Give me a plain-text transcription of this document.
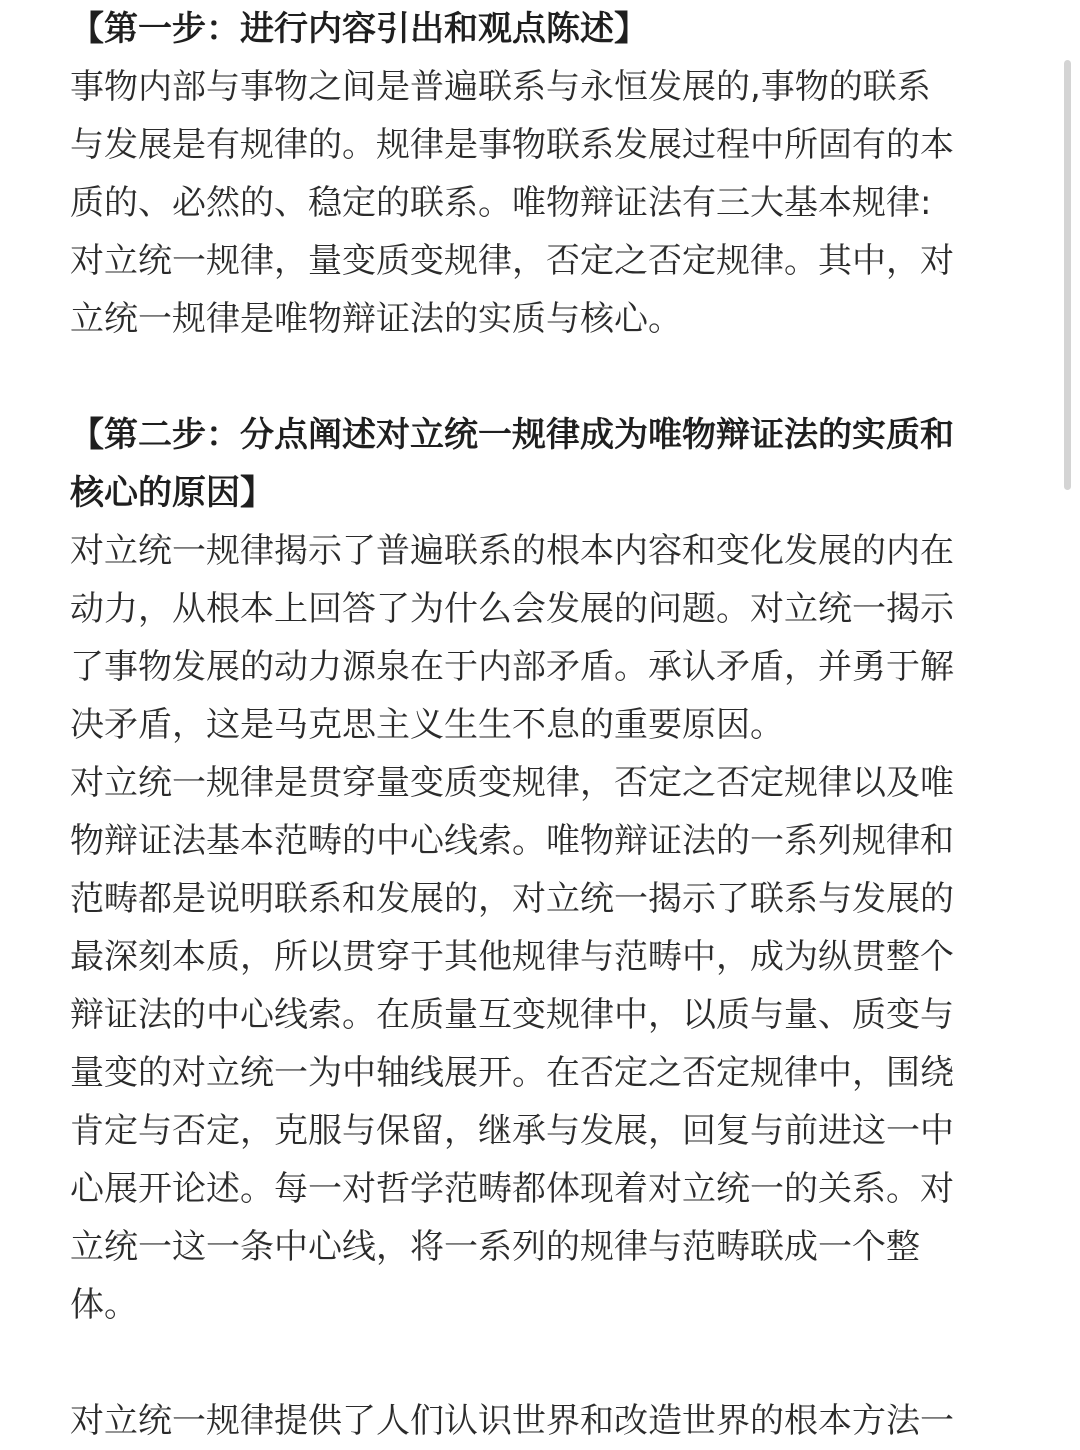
【第一步：进行内容引出和观点陈述】
事物内部与事物之间是普遍联系与永恒发展的,事物的联系
与发展是有规律的。规律是事物联系发展过程中所固有的本
质的、必然的、稳定的联系。唯物辩证法有三大基本规律:
对立统一规律，量变质变规律，否定之否定规律。其中，对
立统一规律是唯物辩证法的实质与核心。
【第二步：分点阐述对立统一规律成为唯物辩证法的实质和
核心的原因】
对立统一规律揭示了普遍联系的根本内容和变化发展的内在
动力，从根本上回答了为什么会发展的问题。对立统一揭示
了事物发展的动力源泉在于内部矛盾。承认矛盾，并勇于解
决矛盾，这是马克思主义生生不息的重要原因。
对立统一规律是贯穿量变质变规律，否定之否定规律以及唯
物辩证法基本范畴的中心线索。唯物辩证法的一系列规律和
范畴都是说明联系和发展的，对立统一揭示了联系与发展的
最深刻本质，所以贯穿于其他规律与范畴中，成为纵贯整个
辩证法的中心线索。在质量互变规律中，以质与量、质变与
量变的对立统一为中轴线展开。在否定之否定规律中，围绕
肯定与否定，克服与保留，继承与发展，回复与前进这一中
心展开论述。每一对哲学范畴都体现着对立统一的关系。对
立统一这一条中心线，将一系列的规律与范畴联成一个整
体。
对立统一规律提供了人们认识世界和改造世界的根本方法一
